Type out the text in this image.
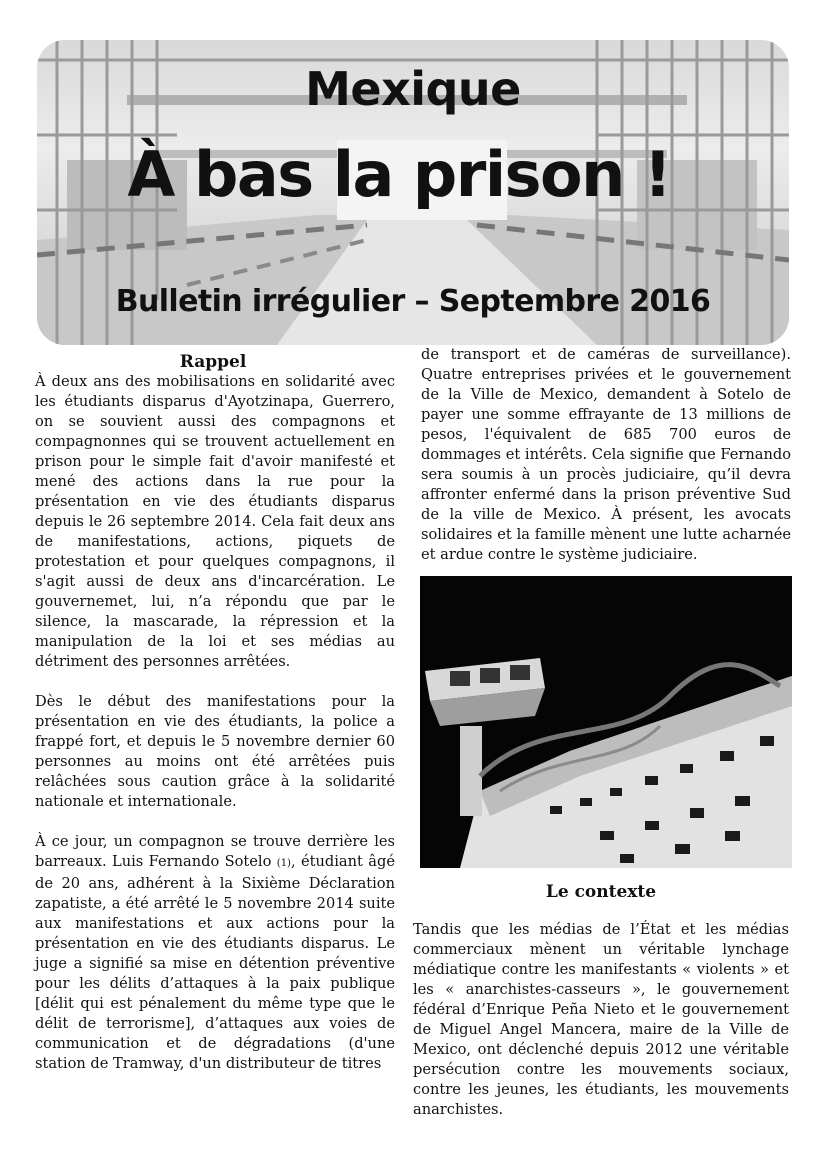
Mexique
À bas la prison !
Bulletin irrégulier – Septembre 2016

Rappel

À deux ans des mobilisations en solidarité avec les étudiants disparus d'Ayotzinapa, Guerrero, on se souvient aussi des compagnons et compagnonnes qui se trouvent actuellement en prison pour le simple fait d'avoir manifesté et mené des actions dans la rue pour la présentation en vie des étudiants disparus depuis le 26 septembre 2014. Cela fait deux ans de manifestations, actions, piquets de protestation et pour quelques compagnons, il s'agit aussi de deux ans d'incarcération. Le gouvernemet, lui, n’a répondu que par le silence, la mascarade, la répression et la manipulation de la loi et ses médias au détriment des personnes arrêtées.

Dès le début des manifestations pour la présentation en vie des étudiants, la police a frappé fort, et depuis le 5 novembre dernier 60 personnes au moins ont été arrêtées puis relâchées sous caution grâce à la solidarité nationale et internationale.

À ce jour, un compagnon se trouve derrière les barreaux. Luis Fernando Sotelo (1), étudiant âgé de 20 ans, adhérent à la Sixième Déclaration zapatiste, a été arrêté le 5 novembre 2014 suite aux manifestations et aux actions pour la présentation en vie des étudiants disparus. Le juge a signifié sa mise en détention préventive pour les délits d’attaques à la paix publique [délit qui est pénalement du même type que le délit de terrorisme], d’attaques aux voies de communication et de dégradations (d'une station de Tramway, d'un distributeur de titres

de transport et de caméras de surveillance). Quatre entreprises privées et le gouvernement de la Ville de Mexico, demandent à Sotelo de payer une somme effrayante de 13 millions de pesos, l'équivalent de 685 700 euros de dommages et intérêts. Cela signifie que Fernando sera soumis à un procès judiciaire, qu’il devra affronter enfermé dans la prison préventive Sud de la ville de Mexico. À présent, les avocats solidaires et la famille mènent une lutte acharnée et ardue contre le système judiciaire.

Le contexte

Tandis que les médias de l’État et les médias commerciaux mènent un véritable lynchage médiatique contre les manifestants « violents » et les « anarchistes-casseurs », le gouvernement fédéral d’Enrique Peña Nieto et le gouvernement de Miguel Angel Mancera, maire de la Ville de Mexico, ont déclenché depuis 2012 une véritable persécution contre les mouvements sociaux, contre les jeunes, les étudiants, les mouvements anarchistes.
